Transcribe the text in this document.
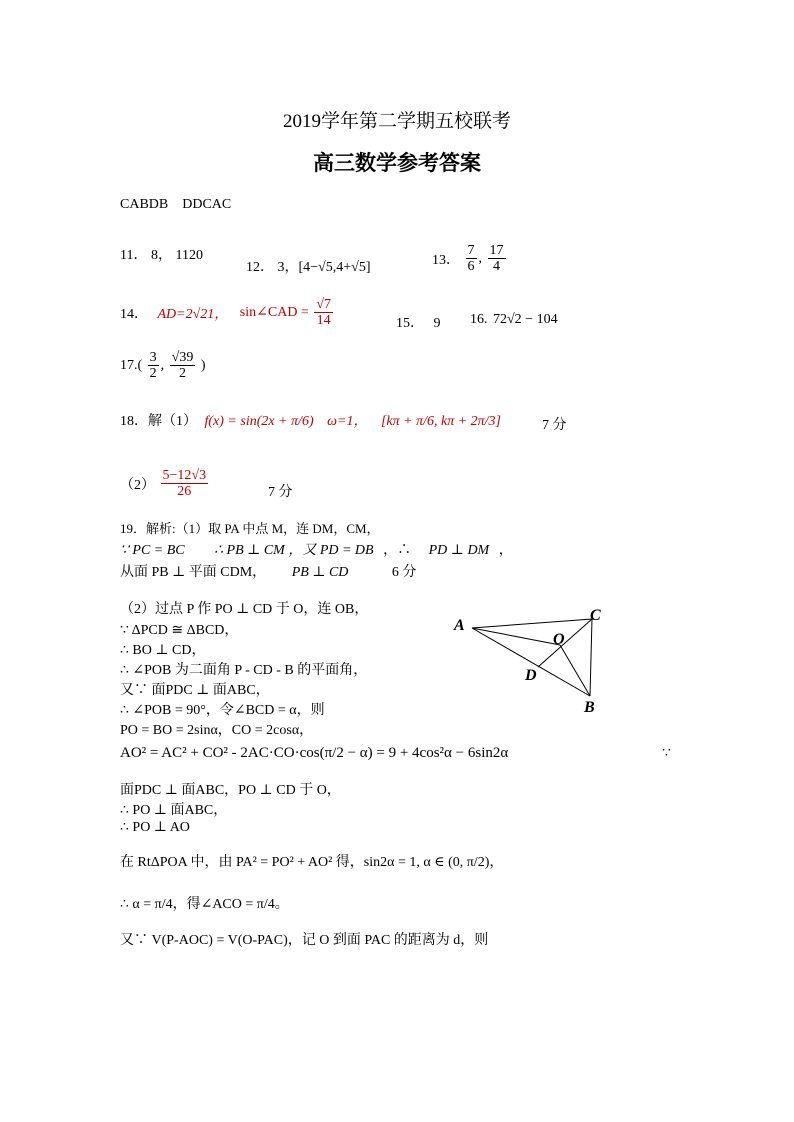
2019学年第二学期五校联考
高三数学参考答案
CABDB    DDCAC
11． 8， 1120
12． 3，[4−√5,4+√5]	13． $\frac{7}{6}$ , $\frac{17}{4}$
14． AD=2√21， sin∠CAD = $\frac{√7}{14}$	15． 9 16. 72√2 − 104
$17.( \frac{3}{2}$ , $\frac{√39}{2}$ )
18．解（1） f(x) = sin(2x + π/6) ω=1， [kπ + π/6, kπ + 2π/3]	7 分
$(2) \frac{5-12√3}{26}$	7 分
19．解析:（1）取 PA 中点 M，连 DM，CM，
∵ PC = BC ∴ PB ⊥ CM ，又 PD = DB ，∴ PD ⊥ DM ，
从面 PB ⊥ 平面 CDM， PB ⊥ CD	6 分
（2）过点 P 作 PO ⊥ CD 于 O，连 OB，
∵ ΔPCD ≅ ΔBCD，
∴ BO ⊥ CD，
∴ ∠POB 为二面角 P - CD - B 的平面角，
又∵ 面PDC ⊥ 面ABC，
∴ ∠POB = 90°，令∠BCD = α，则
PO = BO = 2sinα，CO = 2cosα，
AO² = AC² + CO² - 2AC·CO·cos(π/2 − α) = 9 + 4cos²α − 6sin2α	∵
面PDC ⊥ 面ABC，PO ⊥ CD 于 O，
∴ PO ⊥ 面ABC，
∴ PO ⊥ AO
在 RtΔPOA 中，由 PA² = PO² + AO² 得，sin2α = 1, α ∈ (0, π/2)，
∴ α = π/4，得∠ACO = π/4。
又∵ V(P-AOC) = V(O-PAC)，记 O 到面 PAC 的距离为 d，则
A
C
O
D
B
